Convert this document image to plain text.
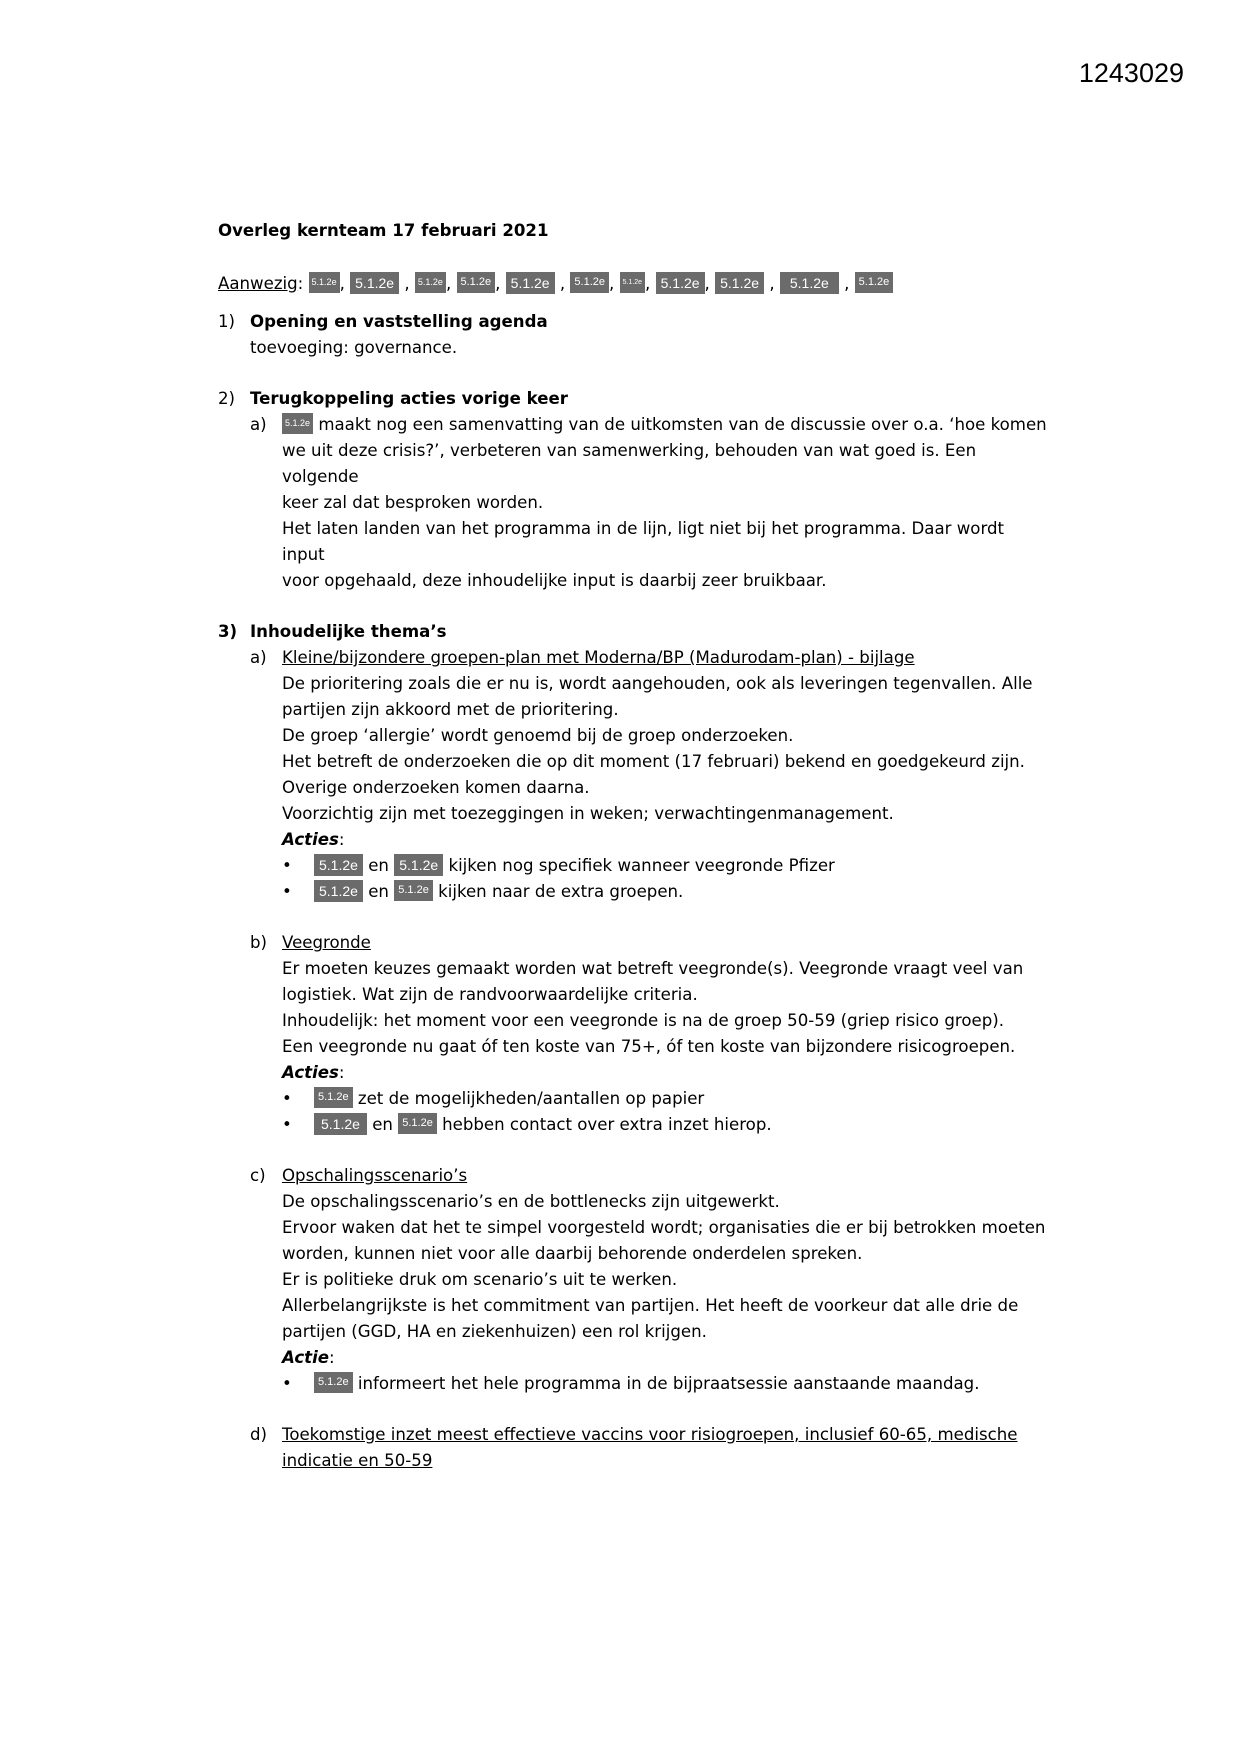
1243029

Overleg kernteam 17 februari 2021

Aanwezig: 5.1.2e , 5.1.2e , 5.1.2e , 5.1.2e , 5.1.2e , 5.1.2e , 5.1.2e , 5.1.2e , 5.1.2e , 5.1.2e , 5.1.2e

1) Opening en vaststelling agenda

toevoeging: governance.

2) Terugkoppeling acties vorige keer

a)	5.1.2e maakt nog een samenvatting van de uitkomsten van de discussie over o.a. ‘hoe komen

we uit deze crisis?’, verbeteren van samenwerking, behouden van wat goed is. Een volgende

keer zal dat besproken worden.

Het laten landen van het programma in de lijn, ligt niet bij het programma. Daar wordt input

voor opgehaald, deze inhoudelijke input is daarbij zeer bruikbaar.

3) Inhoudelijke thema’s

a) Kleine/bijzondere groepen-plan met Moderna/BP (Madurodam-plan) - bijlage

De prioritering zoals die er nu is, wordt aangehouden, ook als leveringen tegenvallen. Alle

partijen zijn akkoord met de prioritering.

De groep ‘allergie’ wordt genoemd bij de groep onderzoeken.

Het betreft de onderzoeken die op dit moment (17 februari) bekend en goedgekeurd zijn.

Overige onderzoeken komen daarna.

Voorzichtig zijn met toezeggingen in weken; verwachtingenmanagement.

Acties:

•	5.1.2e en 5.1.2e kijken nog specifiek wanneer veegronde Pfizer

•	5.1.2e en 5.1.2e kijken naar de extra groepen.

b) Veegronde

Er moeten keuzes gemaakt worden wat betreft veegronde(s). Veegronde vraagt veel van

logistiek. Wat zijn de randvoorwaardelijke criteria.

Inhoudelijk: het moment voor een veegronde is na de groep 50-59 (griep risico groep).

Een veegronde nu gaat óf ten koste van 75+, óf ten koste van bijzondere risicogroepen.

Acties:

•	5.1.2e zet de mogelijkheden/aantallen op papier

•	5.1.2e en 5.1.2e hebben contact over extra inzet hierop.

c) Opschalingsscenario’s

De opschalingsscenario’s en de bottlenecks zijn uitgewerkt.

Ervoor waken dat het te simpel voorgesteld wordt; organisaties die er bij betrokken moeten

worden, kunnen niet voor alle daarbij behorende onderdelen spreken.

Er is politieke druk om scenario’s uit te werken.

Allerbelangrijkste is het commitment van partijen. Het heeft de voorkeur dat alle drie de

partijen (GGD, HA en ziekenhuizen) een rol krijgen.

Actie:

•	5.1.2e informeert het hele programma in de bijpraatsessie aanstaande maandag.

d) Toekomstige inzet meest effectieve vaccins voor risiogroepen, inclusief 60-65, medische

indicatie en 50-59
